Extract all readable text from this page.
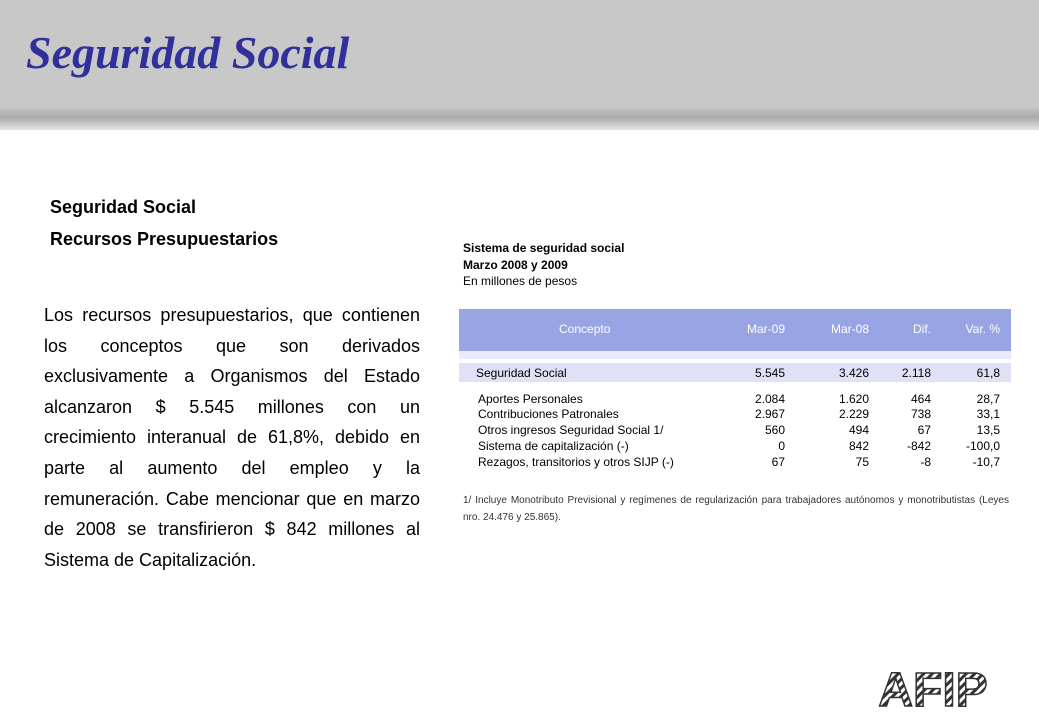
Seguridad Social

Seguridad Social

Recursos Presupuestarios

Los recursos presupuestarios, que contienen los conceptos que son derivados exclusivamente a Organismos del Estado alcanzaron $ 5.545 millones con un crecimiento interanual de 61,8%, debido en parte al aumento del empleo y la remuneración. Cabe mencionar que en marzo de 2008 se transfirieron $ 842 millones al Sistema de Capitalización.

Sistema de seguridad social

Marzo 2008 y 2009

En millones de pesos

Concepto	Mar-09	Mar-08	Dif.	Var. %
Seguridad Social	5.545	3.426	2.118	61,8
Aportes Personales	2.084	1.620	464	28,7
Contribuciones Patronales	2.967	2.229	738	33,1
Otros ingresos Seguridad Social 1/	560	494	67	13,5
Sistema de capitalización (-)	0	842	-842	-100,0
Rezagos, transitorios y otros SIJP (-)	67	75	-8	-10,7

1/ Incluye Monotributo Previsional y regímenes de regularización para trabajadores autónomos y monotributistas (Leyes nro. 24.476 y 25.865).

AFIP
